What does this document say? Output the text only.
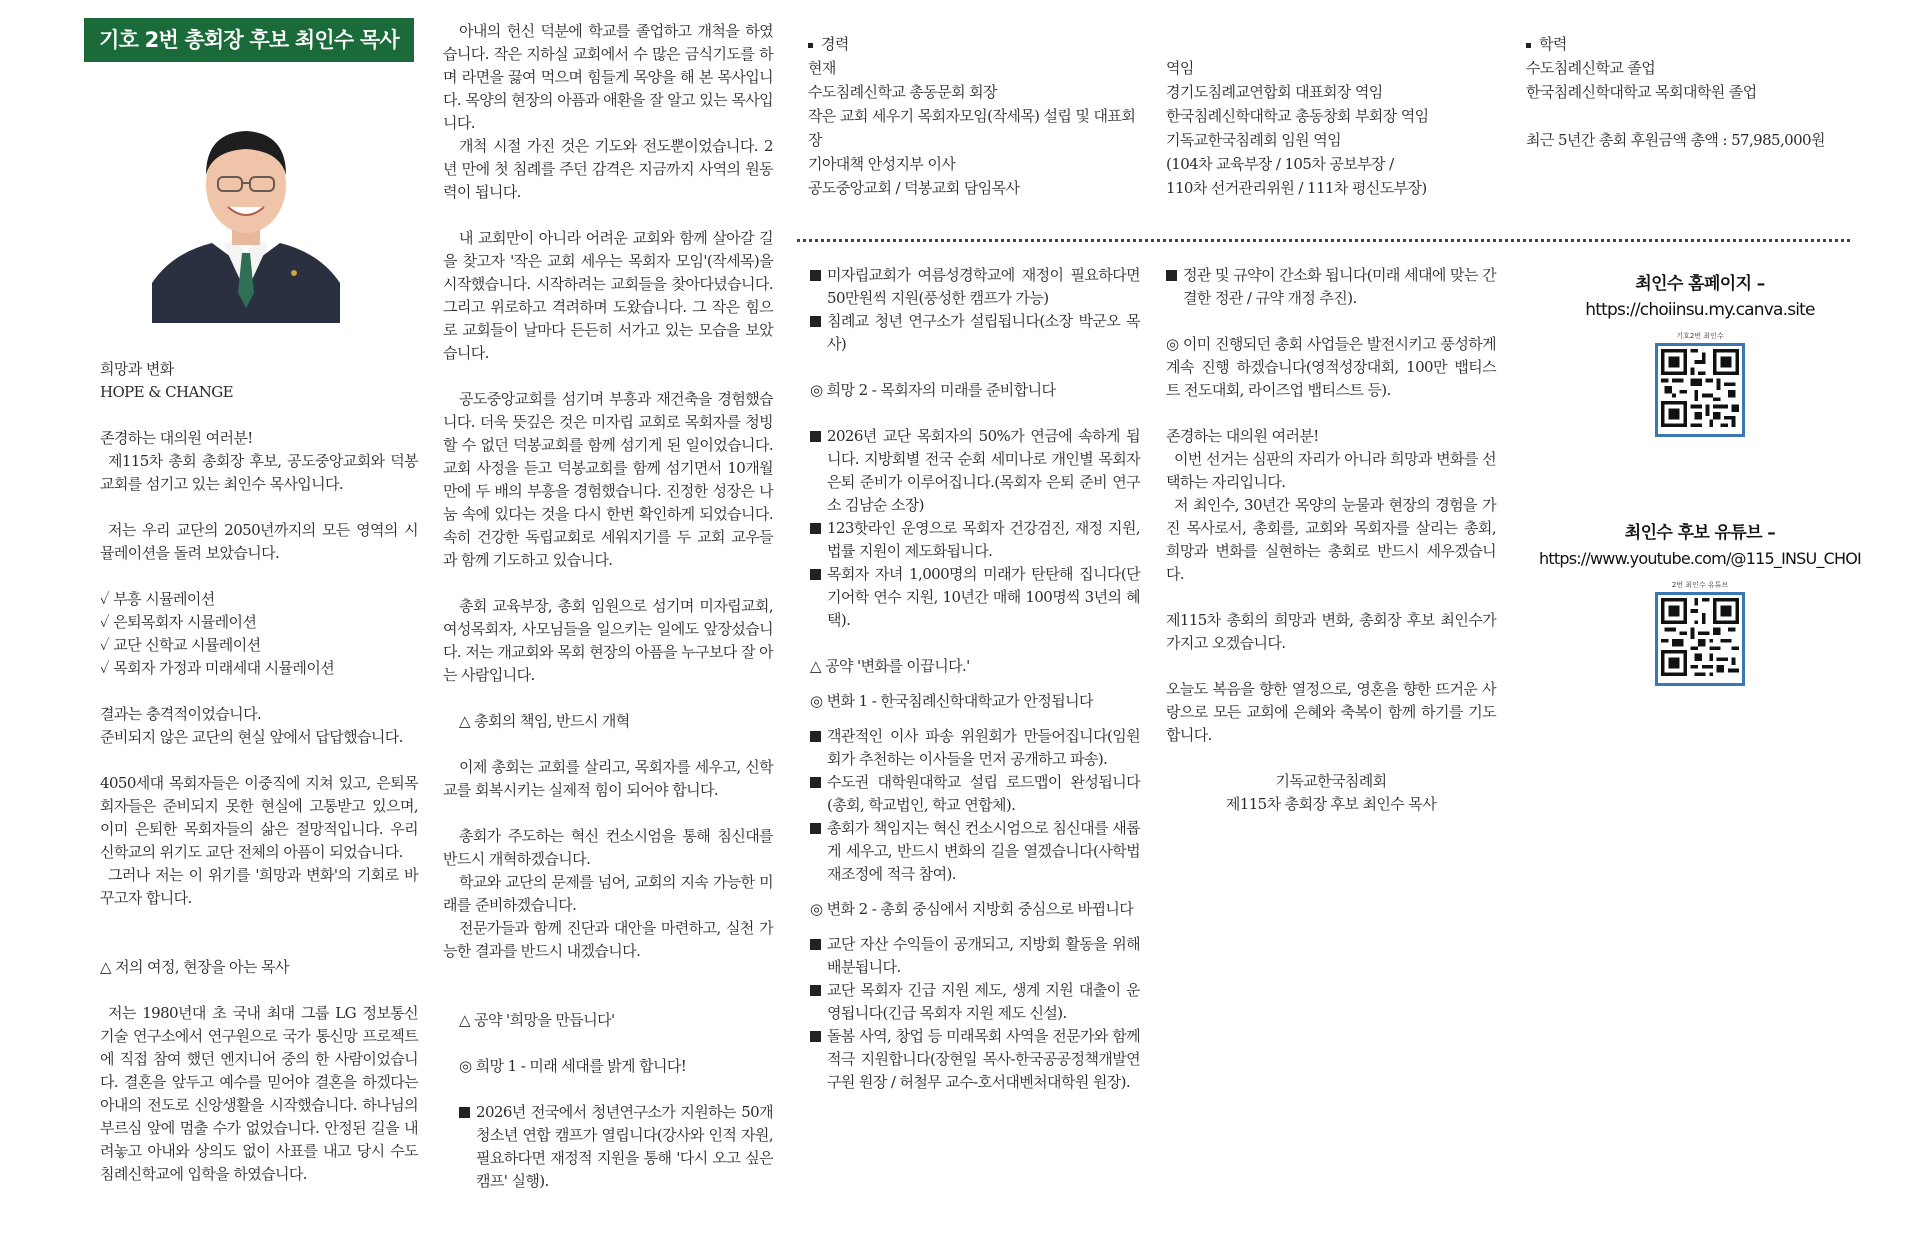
기호 2번 총회장 후보 최인수 목사

희망과 변화

HOPE & CHANGE

존경하는 대의원 여러분!

제115차 총회 총회장 후보, 공도중앙교회와 덕봉교회를 섬기고 있는 최인수 목사입니다.

저는 우리 교단의 2050년까지의 모든 영역의 시뮬레이션을 돌려 보았습니다.

✓ 부흥 시뮬레이션

✓ 은퇴목회자 시뮬레이션

✓ 교단 신학교 시뮬레이션

✓ 목회자 가정과 미래세대 시뮬레이션

결과는 충격적이었습니다.

준비되지 않은 교단의 현실 앞에서 답답했습니다.

4050세대 목회자들은 이중직에 지쳐 있고, 은퇴목회자들은 준비되지 못한 현실에 고통받고 있으며, 이미 은퇴한 목회자들의 삶은 절망적입니다. 우리 신학교의 위기도 교단 전체의 아픔이 되었습니다.

그러나 저는 이 위기를 '희망과 변화'의 기회로 바꾸고자 합니다.

△ 저의 여정, 현장을 아는 목사

저는 1980년대 초 국내 최대 그룹 LG 정보통신 기술 연구소에서 연구원으로 국가 통신망 프로젝트에 직접 참여 했던 엔지니어 중의 한 사람이었습니다. 결혼을 앞두고 예수를 믿어야 결혼을 하겠다는 아내의 전도로 신앙생활을 시작했습니다. 하나님의 부르심 앞에 멈출 수가 없었습니다. 안정된 길을 내려놓고 아내와 상의도 없이 사표를 내고 당시 수도침례신학교에 입학을 하였습니다.

아내의 헌신 덕분에 학교를 졸업하고 개척을 하였습니다. 작은 지하실 교회에서 수 많은 금식기도를 하며 라면을 끓여 먹으며 힘들게 목양을 해 본 목사입니다. 목양의 현장의 아픔과 애환을 잘 알고 있는 목사입니다.

개척 시절 가진 것은 기도와 전도뿐이었습니다. 2년 만에 첫 침례를 주던 감격은 지금까지 사역의 원동력이 됩니다.

내 교회만이 아니라 어려운 교회와 함께 살아갈 길을 찾고자 '작은 교회 세우는 목회자 모임'(작세목)을 시작했습니다. 시작하려는 교회들을 찾아다녔습니다. 그리고 위로하고 격려하며 도왔습니다. 그 작은 힘으로 교회들이 날마다 든든히 서가고 있는 모습을 보았습니다.

공도중앙교회를 섬기며 부흥과 재건축을 경험했습니다. 더욱 뜻깊은 것은 미자립 교회로 목회자를 청빙할 수 없던 덕봉교회를 함께 섬기게 된 일이었습니다. 교회 사정을 듣고 덕봉교회를 함께 섬기면서 10개월 만에 두 배의 부흥을 경험했습니다. 진정한 성장은 나눔 속에 있다는 것을 다시 한번 확인하게 되었습니다. 속히 건강한 독립교회로 세워지기를 두 교회 교우들과 함께 기도하고 있습니다.

총회 교육부장, 총회 임원으로 섬기며 미자립교회, 여성목회자, 사모님들을 일으키는 일에도 앞장섰습니다. 저는 개교회와 목회 현장의 아픔을 누구보다 잘 아는 사람입니다.

△ 총회의 책임, 반드시 개혁

이제 총회는 교회를 살리고, 목회자를 세우고, 신학교를 회복시키는 실제적 힘이 되어야 합니다.

총회가 주도하는 혁신 컨소시엄을 통해 침신대를 반드시 개혁하겠습니다.

학교와 교단의 문제를 넘어, 교회의 지속 가능한 미래를 준비하겠습니다.

전문가들과 함께 진단과 대안을 마련하고, 실천 가능한 결과를 반드시 내겠습니다.

△ 공약 '희망을 만듭니다'

◎ 희망 1 - 미래 세대를 밝게 합니다!

2026년 전국에서 청년연구소가 지원하는 50개 청소년 연합 캠프가 열립니다(강사와 인적 자원, 필요하다면 재정적 지원을 통해 '다시 오고 싶은 캠프' 실행).
경력
현재
수도침례신학교 총동문회 회장
작은 교회 세우기 목회자모임(작세목) 설립 및 대표회장
기아대책 안성지부 이사
공도중앙교회 / 덕봉교회 담임목사
역임
경기도침례교연합회 대표회장 역임
한국침례신학대학교 총동창회 부회장 역임
기독교한국침례회 임원 역임
(104차 교육부장 / 105차 공보부장 /
110차 선거관리위원 / 111차 평신도부장)
학력
수도침례신학교 졸업
한국침례신학대학교 목회대학원 졸업
최근 5년간 총회 후원금액 총액 : 57,985,000원
미자립교회가 여름성경학교에 재정이 필요하다면 50만원씩 지원(풍성한 캠프가 가능)
침례교 청년 연구소가 설립됩니다(소장 박군오 목사)

◎ 희망 2 - 목회자의 미래를 준비합니다

2026년 교단 목회자의 50%가 연금에 속하게 됩니다. 지방회별 전국 순회 세미나로 개인별 목회자 은퇴 준비가 이루어집니다.(목회자 은퇴 준비 연구소 김남순 소장)
123핫라인 운영으로 목회자 건강검진, 재정 지원, 법률 지원이 제도화됩니다.
목회자 자녀 1,000명의 미래가 탄탄해 집니다(단기어학 연수 지원, 10년간 매해 100명씩 3년의 혜택).

△ 공약 '변화를 이끕니다.'

◎ 변화 1 - 한국침례신학대학교가 안정됩니다

객관적인 이사 파송 위원회가 만들어집니다(임원회가 추천하는 이사들을 먼저 공개하고 파송).
수도권 대학원대학교 설립 로드맵이 완성됩니다(총회, 학교법인, 학교 연합체).
총회가 책임지는 혁신 컨소시엄으로 침신대를 새롭게 세우고, 반드시 변화의 길을 열겠습니다(사학법 재조정에 적극 참여).

◎ 변화 2 - 총회 중심에서 지방회 중심으로 바뀝니다

교단 자산 수익들이 공개되고, 지방회 활동을 위해 배분됩니다.
교단 목회자 긴급 지원 제도, 생계 지원 대출이 운영됩니다(긴급 목회자 지원 제도 신설).
돌봄 사역, 창업 등 미래목회 사역을 전문가와 함께 적극 지원합니다(장현일 목사-한국공공정책개발연구원 원장 / 허철무 교수-호서대벤처대학원 원장).
정관 및 규약이 간소화 됩니다(미래 세대에 맞는 간결한 정관 / 규약 개정 추진).

◎ 이미 진행되던 총회 사업들은 발전시키고 풍성하게 계속 진행 하겠습니다(영적성장대회, 100만 뱁티스트 전도대회, 라이즈업 뱁티스트 등).

존경하는 대의원 여러분!

이번 선거는 심판의 자리가 아니라 희망과 변화를 선택하는 자리입니다.

저 최인수, 30년간 목양의 눈물과 현장의 경험을 가진 목사로서, 총회를, 교회와 목회자를 살리는 총회, 희망과 변화를 실현하는 총회로 반드시 세우겠습니다.

제115차 총회의 희망과 변화, 총회장 후보 최인수가 가지고 오겠습니다.

오늘도 복음을 향한 열정으로, 영혼을 향한 뜨거운 사랑으로 모든 교회에 은혜와 축복이 함께 하기를 기도합니다.

기독교한국침례회

제115차 총회장 후보 최인수 목사

최인수 홈페이지 –
https://choiinsu.my.canva.site
기호2번 최인수
최인수 후보 유튜브 –
https://www.youtube.com/@115_INSU_CHOI
2번 최인수 유튜브
